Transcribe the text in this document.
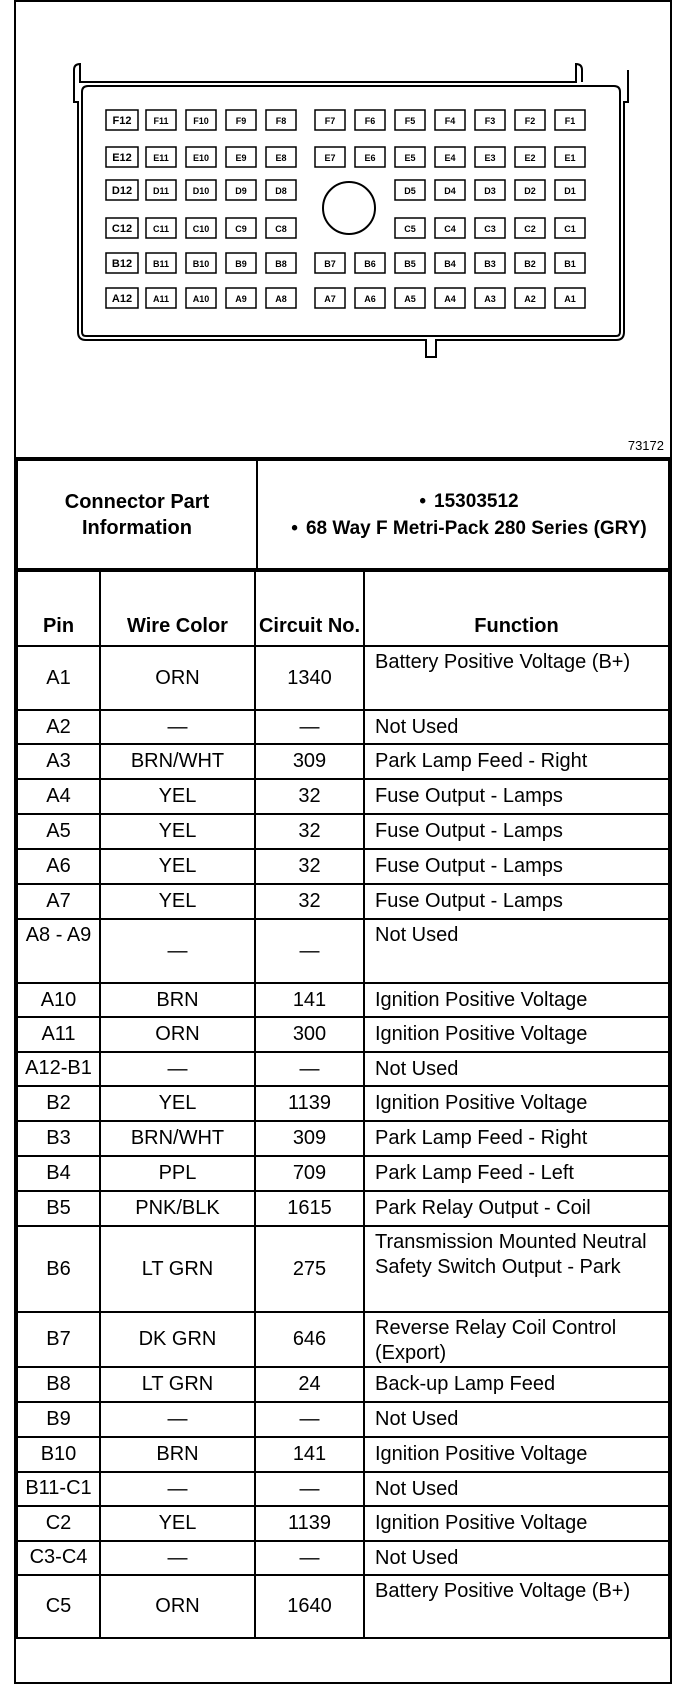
F12 F11	F10	F9	F8	F7	F6	F5	F4	F3	F2	F1
E12 E11	E10	E9	E8	E7	E6	E5	E4	E3	E2	E1
D12 D11	D10	D9	D8	D5	D4	D3	D2	D1
C12 C11	C10	C9	C8	C5	C4	C3	C2	C1
B12 B11	B10	B9	B8	B7	B6	B5	B4	B3	B2	B1
A12 A11	A10	A9	A8	A7	A6	A5	A4	A3	A2	A1
73172
Connector Part Information	
• 15303512
• 68 Way F Metri-Pack 280 Series (GRY)
Pin	Wire Color	Circuit No.	Function
A1	ORN	1340	Battery Positive Voltage (B+)
A2	—	—	Not Used
A3	BRN/WHT	309	Park Lamp Feed - Right
A4	YEL	32	Fuse Output - Lamps
A5	YEL	32	Fuse Output - Lamps
A6	YEL	32	Fuse Output - Lamps
A7	YEL	32	Fuse Output - Lamps
A8 - A9	—	—	Not Used
A10	BRN	141	Ignition Positive Voltage
A11	ORN	300	Ignition Positive Voltage
A12-B1	—	—	Not Used
B2	YEL	1139	Ignition Positive Voltage
B3	BRN/WHT	309	Park Lamp Feed - Right
B4	PPL	709	Park Lamp Feed - Left
B5	PNK/BLK	1615	Park Relay Output - Coil
B6	LT GRN	275	Transmission Mounted Neutral Safety Switch Output - Park
B7	DK GRN	646	Reverse Relay Coil Control (Export)
B8	LT GRN	24	Back-up Lamp Feed
B9	—	—	Not Used
B10	BRN	141	Ignition Positive Voltage
B11-C1	—	—	Not Used
C2	YEL	1139	Ignition Positive Voltage
C3-C4	—	—	Not Used
C5	ORN	1640	Battery Positive Voltage (B+)
